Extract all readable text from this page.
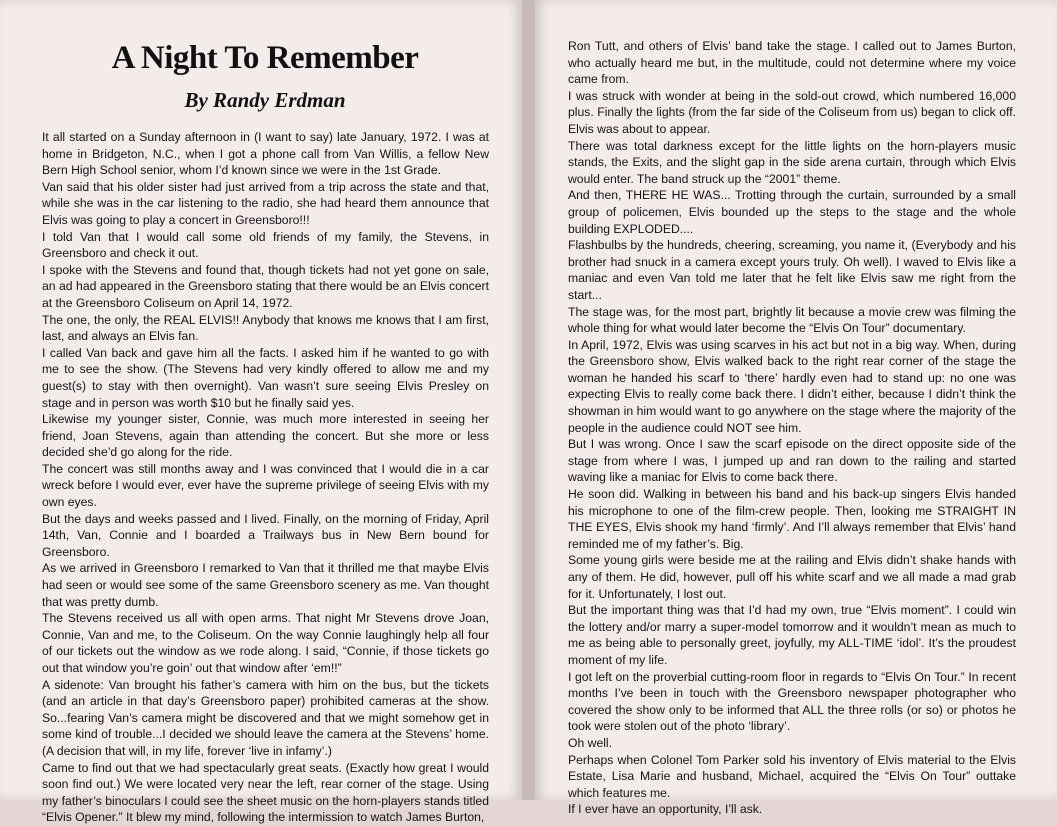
A Night To Remember
By Randy Erdman

It all started on a Sunday afternoon in (I want to say) late January, 1972. I was at home in Bridgeton, N.C., when I got a phone call from Van Willis, a fellow New Bern High School senior, whom I’d known since we were in the 1st Grade.

Van said that his older sister had just arrived from a trip across the state and that, while she was in the car listening to the radio, she had heard them announce that Elvis was going to play a concert in Greensboro!!!

I told Van that I would call some old friends of my family, the Stevens, in Greensboro and check it out.

I spoke with the Stevens and found that, though tickets had not yet gone on sale, an ad had appeared in the Greensboro stating that there would be an Elvis concert at the Greensboro Coliseum on April 14, 1972.

The one, the only, the REAL ELVIS!! Anybody that knows me knows that I am first, last, and always an Elvis fan.

I called Van back and gave him all the facts. I asked him if he wanted to go with me to see the show. (The Stevens had very kindly offered to allow me and my guest(s) to stay with then overnight). Van wasn’t sure seeing Elvis Presley on stage and in person was worth $10 but he finally said yes.

Likewise my younger sister, Connie, was much more interested in seeing her friend, Joan Stevens, again than attending the concert. But she more or less decided she’d go along for the ride.

The concert was still months away and I was convinced that I would die in a car wreck before I would ever, ever have the supreme privilege of seeing Elvis with my own eyes.

But the days and weeks passed and I lived. Finally, on the morning of Friday, April 14th, Van, Connie and I boarded a Trailways bus in New Bern bound for Greensboro.

As we arrived in Greensboro I remarked to Van that it thrilled me that maybe Elvis had seen or would see some of the same Greensboro scenery as me. Van thought that was pretty dumb.

The Stevens received us all with open arms. That night Mr Stevens drove Joan, Connie, Van and me, to the Coliseum. On the way Connie laughingly help all four of our tickets out the window as we rode along. I said, “Connie, if those tickets go out that window you’re goin’ out that window after ‘em!!”

A sidenote: Van brought his father’s camera with him on the bus, but the tickets (and an article in that day’s Greensboro paper) prohibited cameras at the show. So...fearing Van’s camera might be discovered and that we might somehow get in some kind of trouble...I decided we should leave the camera at the Stevens’ home. (A decision that will, in my life, forever ‘live in infamy’.)

Came to find out that we had spectacularly great seats. (Exactly how great I would soon find out.) We were located very near the left, rear corner of the stage. Using my father’s binoculars I could see the sheet music on the horn-players stands titled “Elvis Opener.” It blew my mind, following the intermission to watch James Burton,

Ron Tutt, and others of Elvis’ band take the stage. I called out to James Burton, who actually heard me but, in the multitude, could not determine where my voice came from.

I was struck with wonder at being in the sold-out crowd, which numbered 16,000 plus. Finally the lights (from the far side of the Coliseum from us) began to click off. Elvis was about to appear.

There was total darkness except for the little lights on the horn-players music stands, the Exits, and the slight gap in the side arena curtain, through which Elvis would enter. The band struck up the “2001” theme.

And then, THERE HE WAS... Trotting through the curtain, surrounded by a small group of policemen, Elvis bounded up the steps to the stage and the whole building EXPLODED....

Flashbulbs by the hundreds, cheering, screaming, you name it, (Everybody and his brother had snuck in a camera except yours truly. Oh well). I waved to Elvis like a maniac and even Van told me later that he felt like Elvis saw me right from the start...

The stage was, for the most part, brightly lit because a movie crew was filming the whole thing for what would later become the “Elvis On Tour” documentary.

In April, 1972, Elvis was using scarves in his act but not in a big way. When, during the Greensboro show, Elvis walked back to the right rear corner of the stage the woman he handed his scarf to ‘there’ hardly even had to stand up: no one was expecting Elvis to really come back there. I didn’t either, because I didn’t think the showman in him would want to go anywhere on the stage where the majority of the people in the audience could NOT see him.

But I was wrong. Once I saw the scarf episode on the direct opposite side of the stage from where I was, I jumped up and ran down to the railing and started waving like a maniac for Elvis to come back there.

He soon did. Walking in between his band and his back-up singers Elvis handed his microphone to one of the film-crew people. Then, looking me STRAIGHT IN THE EYES, Elvis shook my hand ‘firmly’. And I’ll always remember that Elvis’ hand reminded me of my father’s. Big.

Some young girls were beside me at the railing and Elvis didn’t shake hands with any of them. He did, however, pull off his white scarf and we all made a mad grab for it. Unfortunately, I lost out.

But the important thing was that I’d had my own, true “Elvis moment”. I could win the lottery and/or marry a super-model tomorrow and it wouldn’t mean as much to me as being able to personally greet, joyfully, my ALL-TIME ‘idol’. It’s the proudest moment of my life.

I got left on the proverbial cutting-room floor in regards to “Elvis On Tour.” In recent months I’ve been in touch with the Greensboro newspaper photographer who covered the show only to be informed that ALL the three rolls (or so) or photos he took were stolen out of the photo ‘library’.

Oh well.

Perhaps when Colonel Tom Parker sold his inventory of Elvis material to the Elvis Estate, Lisa Marie and husband, Michael, acquired the “Elvis On Tour” outtake which features me.

If I ever have an opportunity, I’ll ask.
